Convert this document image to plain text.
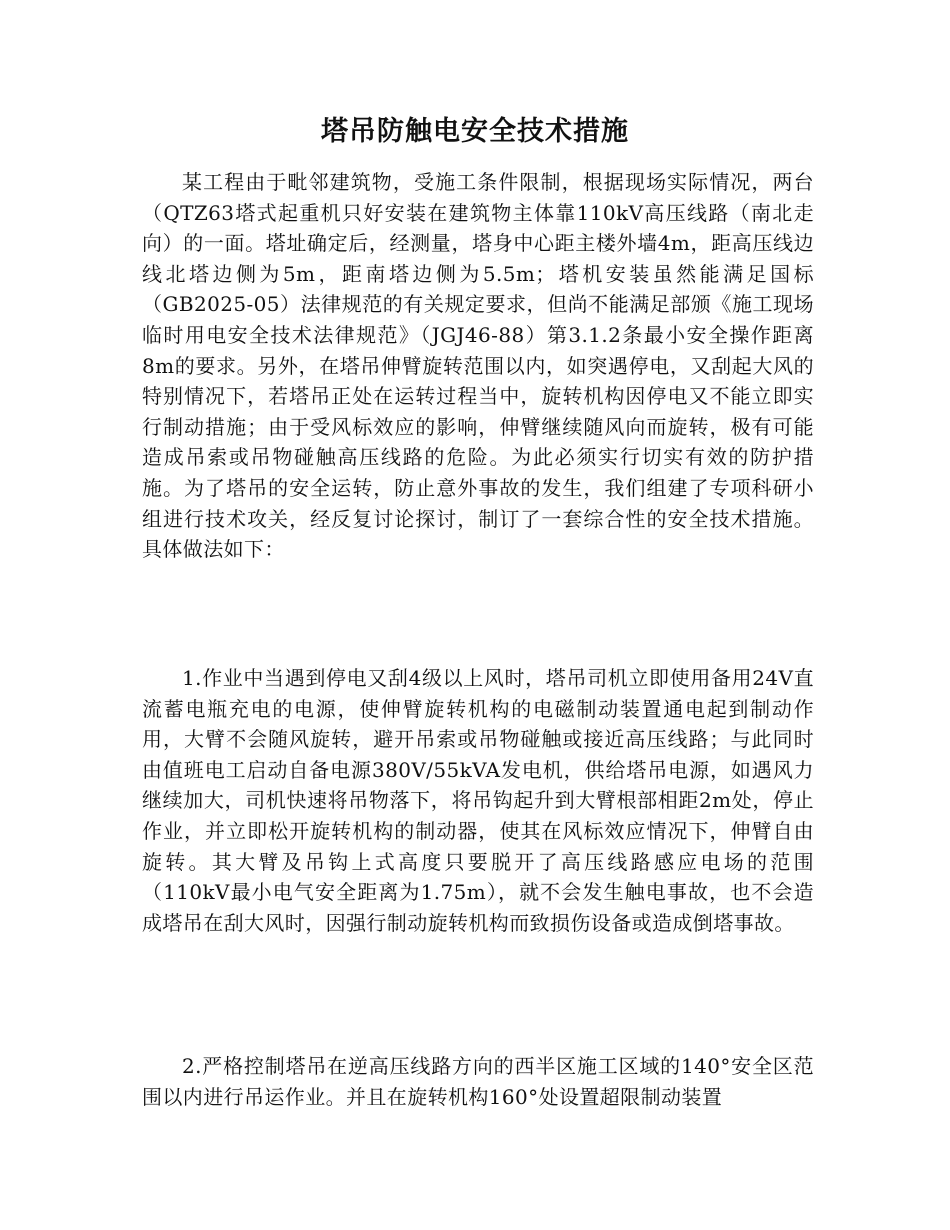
塔吊防触电安全技术措施

某工程由于毗邻建筑物，受施工条件限制，根据现场实际情况，两台（QTZ63塔式起重机只好安装在建筑物主体靠110kV高压线路（南北走向）的一面。塔址确定后，经测量，塔身中心距主楼外墙4m，距高压线边线北塔边侧为5m，距南塔边侧为5.5m；塔机安装虽然能满足国标（GB2025-05）法律规范的有关规定要求，但尚不能满足部颁《施工现场临时用电安全技术法律规范》（JGJ46-88）第3.1.2条最小安全操作距离8m的要求。另外，在塔吊伸臂旋转范围以内，如突遇停电，又刮起大风的特别情况下，若塔吊正处在运转过程当中，旋转机构因停电又不能立即实行制动措施；由于受风标效应的影响，伸臂继续随风向而旋转，极有可能造成吊索或吊物碰触高压线路的危险。为此必须实行切实有效的防护措施。为了塔吊的安全运转，防止意外事故的发生，我们组建了专项科研小组进行技术攻关，经反复讨论探讨，制订了一套综合性的安全技术措施。具体做法如下：

1.作业中当遇到停电又刮4级以上风时，塔吊司机立即使用备用24V直流蓄电瓶充电的电源，使伸臂旋转机构的电磁制动装置通电起到制动作用，大臂不会随风旋转，避开吊索或吊物碰触或接近高压线路；与此同时由值班电工启动自备电源380V/55kVA发电机，供给塔吊电源，如遇风力继续加大，司机快速将吊物落下，将吊钩起升到大臂根部相距2m处，停止作业，并立即松开旋转机构的制动器，使其在风标效应情况下，伸臂自由旋转。其大臂及吊钩上式高度只要脱开了高压线路感应电场的范围（110kV最小电气安全距离为1.75m），就不会发生触电事故，也不会造成塔吊在刮大风时，因强行制动旋转机构而致损伤设备或造成倒塔事故。

2.严格控制塔吊在逆高压线路方向的西半区施工区域的140°安全区范围以内进行吊运作业。并且在旋转机构160°处设置超限制动装置
